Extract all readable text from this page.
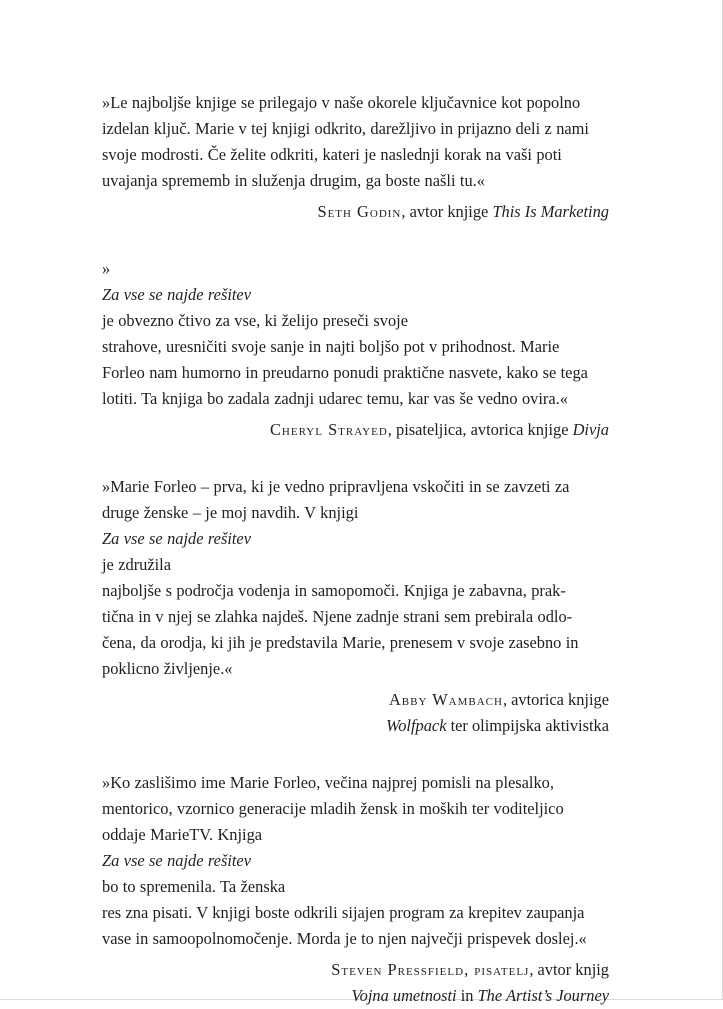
»Le najboljše knjige se prilegajo v naše okorele ključavnice kot popolno
izdelan ključ. Marie v tej knjigi odkrito, darežljivo in prijazno deli z nami
svoje modrosti. Če želite odkriti, kateri je naslednji korak na vaši poti
uvajanja sprememb in služenja drugim, ga boste našli tu.«

Seth Godin, avtor knjige This Is Marketing

»
Za vse se najde rešitev
je obvezno čtivo za vse, ki želijo preseči svoje
strahove, uresničiti svoje sanje in najti boljšo pot v prihodnost. Marie
Forleo nam humorno in preudarno ponudi praktične nasvete, kako se tega
lotiti. Ta knjiga bo zadala zadnji udarec temu, kar vas še vedno ovira.«

Cheryl Strayed, pisateljica, avtorica knjige Divja

»Marie Forleo – prva, ki je vedno pripravljena vskočiti in se zavzeti za
druge ženske – je moj navdih. V knjigi
Za vse se najde rešitev
je združila
najboljše s področja vodenja in samopomoči. Knjiga je zabavna, prak-
tična in v njej se zlahka najdeš. Njene zadnje strani sem prebirala odlo-
čena, da orodja, ki jih je predstavila Marie, prenesem v svoje zasebno in
poklicno življenje.«

Abby Wambach, avtorica knjige
Wolfpack ter olimpijska aktivistka

»Ko zaslišimo ime Marie Forleo, večina najprej pomisli na plesalko,
mentorico, vzornico generacije mladih žensk in moških ter voditeljico
oddaje MarieTV. Knjiga
Za vse se najde rešitev
bo to spremenila. Ta ženska
res zna pisati. V knjigi boste odkrili sijajen program za krepitev zaupanja
vase in samoopolnomočenje. Morda je to njen največji prispevek doslej.«

Steven Pressfield, pisatelj, avtor knjig
Vojna umetnosti in The Artist’s Journey
